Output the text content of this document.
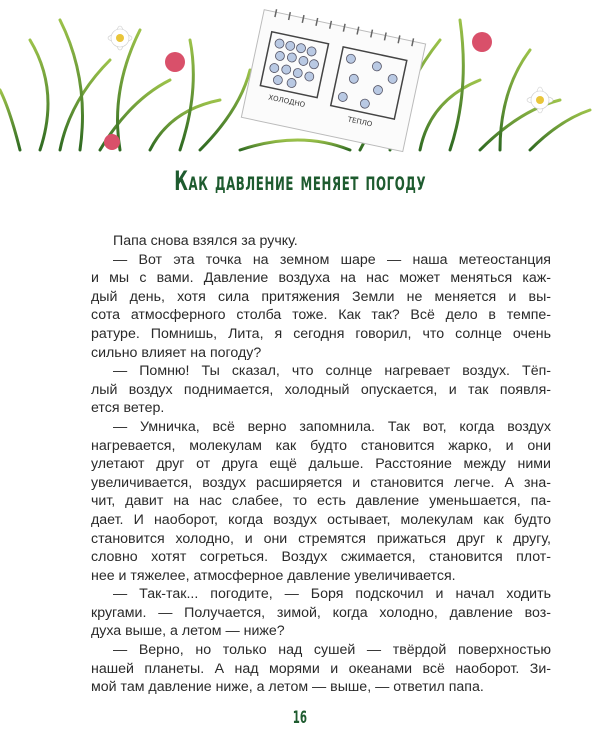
ХОЛОДНО
ТЕПЛО
Как давление меняет погоду
Папа снова взялся за ручку.
— Вот эта точка на земном шаре — наша метеостанция
и мы с вами. Давление воздуха на нас может меняться каж-
дый день, хотя сила притяжения Земли не меняется и вы-
сота атмосферного столба тоже. Как так? Всё дело в темпе-
ратуре. Помнишь, Лита, я сегодня говорил, что солнце очень
сильно влияет на погоду?
— Помню! Ты сказал, что солнце нагревает воздух. Тёп-
лый воздух поднимается, холодный опускается, и так появля-
ется ветер.
— Умничка, всё верно запомнила. Так вот, когда воздух
нагревается, молекулам как будто становится жарко, и они
улетают друг от друга ещё дальше. Расстояние между ними
увеличивается, воздух расширяется и становится легче. А зна-
чит, давит на нас слабее, то есть давление уменьшается, па-
дает. И наоборот, когда воздух остывает, молекулам как будто
становится холодно, и они стремятся прижаться друг к другу,
словно хотят согреться. Воздух сжимается, становится плот-
нее и тяжелее, атмосферное давление увеличивается.
— Так-так... погодите, — Боря подскочил и начал ходить
кругами. — Получается, зимой, когда холодно, давление воз-
духа выше, а летом — ниже?
— Верно, но только над сушей — твёрдой поверхностью
нашей планеты. А над морями и океанами всё наоборот. Зи-
мой там давление ниже, а летом — выше, — ответил папа.
16
